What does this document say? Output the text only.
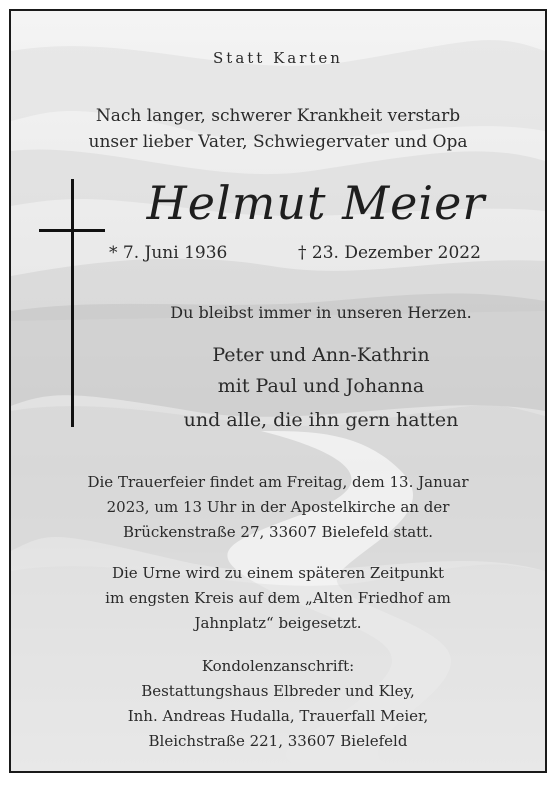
Statt Karten
Nach langer, schwerer Krankheit verstarb
unser lieber Vater, Schwiegervater und Opa
Helmut Meier
* 7. Juni 1936	† 23. Dezember 2022
Du bleibst immer in unseren Herzen.
Peter und Ann-Kathrin
mit Paul und Johanna
und alle, die ihn gern hatten
Die Trauerfeier findet am Freitag, dem 13. Januar
2023, um 13 Uhr in der Apostelkirche an der
Brückenstraße 27, 33607 Bielefeld statt.
Die Urne wird zu einem späteren Zeitpunkt
im engsten Kreis auf dem „Alten Friedhof am
Jahnplatz“ beigesetzt.
Kondolenzanschrift:
Bestattungshaus Elbreder und Kley,
Inh. Andreas Hudalla, Trauerfall Meier,
Bleichstraße 221, 33607 Bielefeld
